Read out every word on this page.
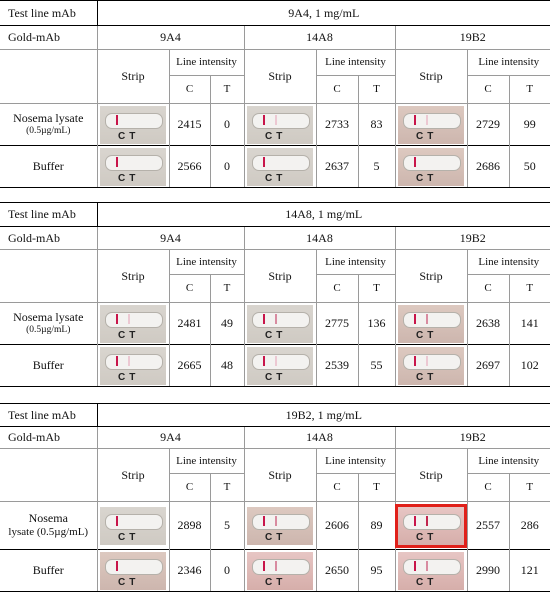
Test line mAb	9A4, 1 mg/mL								
Gold-mAb	9A4			14A8			19B2		
	Strip	Line intensity		Strip	Line intensity		Strip	Line intensity	
		C	T		C	T		C	T
Nosema lysate
(0.5µg/mL)	CT	2415	0	CT	2733	83	CT	2729	99
Buffer	CT	2566	0	CT	2637	5	CT	2686	50
Test line mAb	14A8, 1 mg/mL								
Gold-mAb	9A4			14A8			19B2		
	Strip	Line intensity		Strip	Line intensity		Strip	Line intensity	
		C	T		C	T		C	T
Nosema lysate
(0.5µg/mL)	CT	2481	49	CT	2775	136	CT	2638	141
Buffer	CT	2665	48	CT	2539	55	CT	2697	102
Test line mAb	19B2, 1 mg/mL								
Gold-mAb	9A4			14A8			19B2		
	Strip	Line intensity		Strip	Line intensity		Strip	Line intensity	
		C	T		C	T		C	T
Nosema
lysate (0.5µg/mL)	CT	2898	5	CT	2606	89	CT	2557	286
Buffer	CT	2346	0	CT	2650	95	CT	2990	121
